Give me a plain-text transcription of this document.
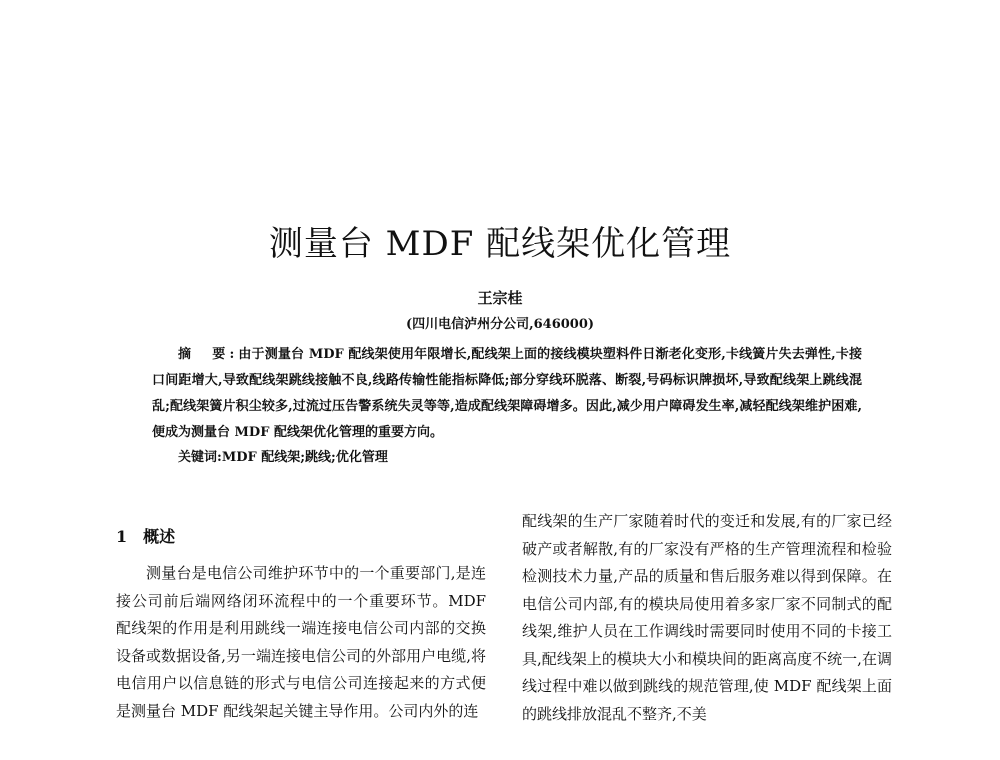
测量台 MDF 配线架优化管理
王宗桂
(四川电信泸州分公司,646000)

摘　要:由于测量台 MDF 配线架使用年限增长,配线架上面的接线模块塑料件日渐老化变形,卡线簧片失去弹性,卡接口间距增大,导致配线架跳线接触不良,线路传输性能指标降低;部分穿线环脱落、断裂,号码标识牌损坏,导致配线架上跳线混乱;配线架簧片积尘较多,过流过压告警系统失灵等等,造成配线架障碍增多。因此,减少用户障碍发生率,减轻配线架维护困难,便成为测量台 MDF 配线架优化管理的重要方向。

关键词:MDF 配线架;跳线;优化管理
1　概述

测量台是电信公司维护环节中的一个重要部门,是连接公司前后端网络闭环流程中的一个重要环节。MDF 配线架的作用是利用跳线一端连接电信公司内部的交换设备或数据设备,另一端连接电信公司的外部用户电缆,将电信用户以信息链的形式与电信公司连接起来的方式便是测量台 MDF 配线架起关键主导作用。公司内外的连

配线架的生产厂家随着时代的变迁和发展,有的厂家已经破产或者解散,有的厂家没有严格的生产管理流程和检验检测技术力量,产品的质量和售后服务难以得到保障。在电信公司内部,有的模块局使用着多家厂家不同制式的配线架,维护人员在工作调线时需要同时使用不同的卡接工具,配线架上的模块大小和模块间的距离高度不统一,在调线过程中难以做到跳线的规范管理,使 MDF 配线架上面的跳线排放混乱不整齐,不美
